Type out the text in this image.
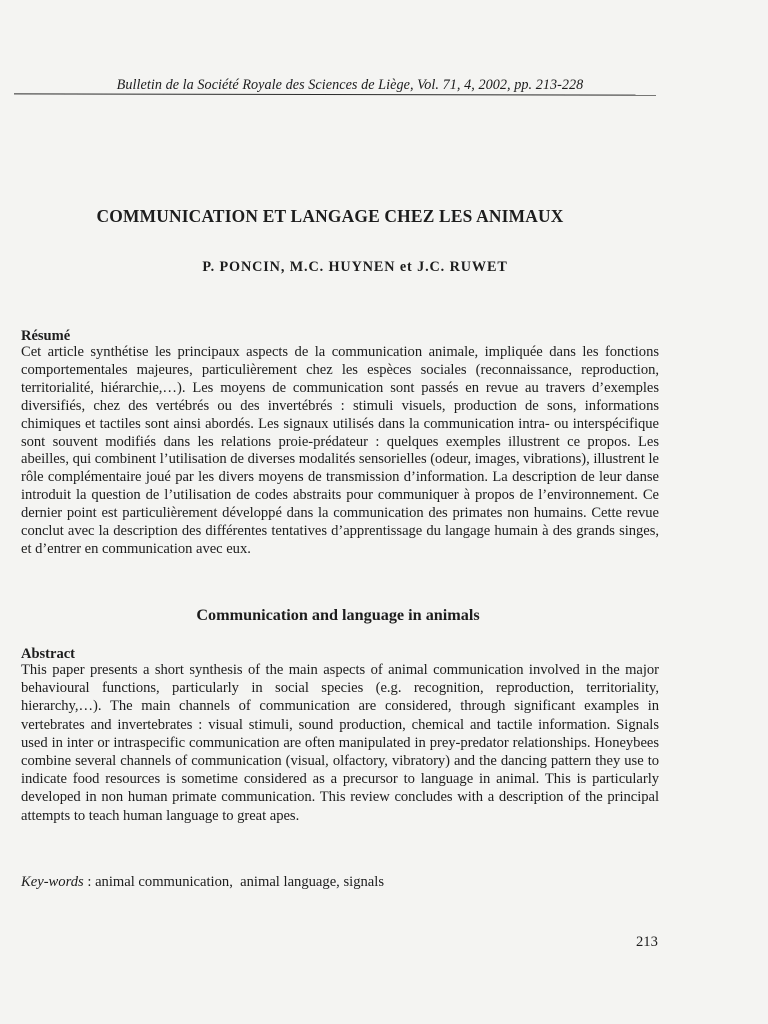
Bulletin de la Société Royale des Sciences de Liège, Vol. 71, 4, 2002, pp. 213-228
COMMUNICATION ET LANGAGE CHEZ LES ANIMAUX
P. PONCIN, M.C. HUYNEN et J.C. RUWET
Résumé
Cet article synthétise les principaux aspects de la communication animale, impliquée dans les fonctions comportementales majeures, particulièrement chez les espèces sociales (reconnaissance, reproduction, territorialité, hiérarchie,…). Les moyens de communication sont passés en revue au travers d’exemples diversifiés, chez des vertébrés ou des invertébrés : stimuli visuels, production de sons, informations chimiques et tactiles sont ainsi abordés. Les signaux utilisés dans la communication intra- ou interspécifique sont souvent modifiés dans les relations proie-prédateur : quelques exemples illustrent ce propos. Les abeilles, qui combinent l’utilisation de diverses modalités sensorielles (odeur, images, vibrations), illustrent le rôle complémentaire joué par les divers moyens de transmission d’information. La description de leur danse introduit la question de l’utilisation de codes abstraits pour communiquer à propos de l’environnement. Ce dernier point est particulièrement développé dans la communication des primates non humains. Cette revue conclut avec la description des différentes tentatives d’apprentissage du langage humain à des grands singes, et d’entrer en communication avec eux.
Communication and language in animals
Abstract
This paper presents a short synthesis of the main aspects of animal communication involved in the major behavioural functions, particularly in social species (e.g. recognition, reproduction, territoriality, hierarchy,…). The main channels of communication are considered, through significant examples in vertebrates and invertebrates : visual stimuli, sound production, chemical and tactile information. Signals used in inter or intraspecific communication are often manipulated in prey-predator relationships. Honeybees combine several channels of communication (visual, olfactory, vibratory) and the dancing pattern they use to indicate food resources is sometime considered as a precursor to language in animal. This is particularly developed in non human primate communication. This review concludes with a description of the principal attempts to teach human language to great apes.
Key-words : animal communication,  animal language, signals
213
